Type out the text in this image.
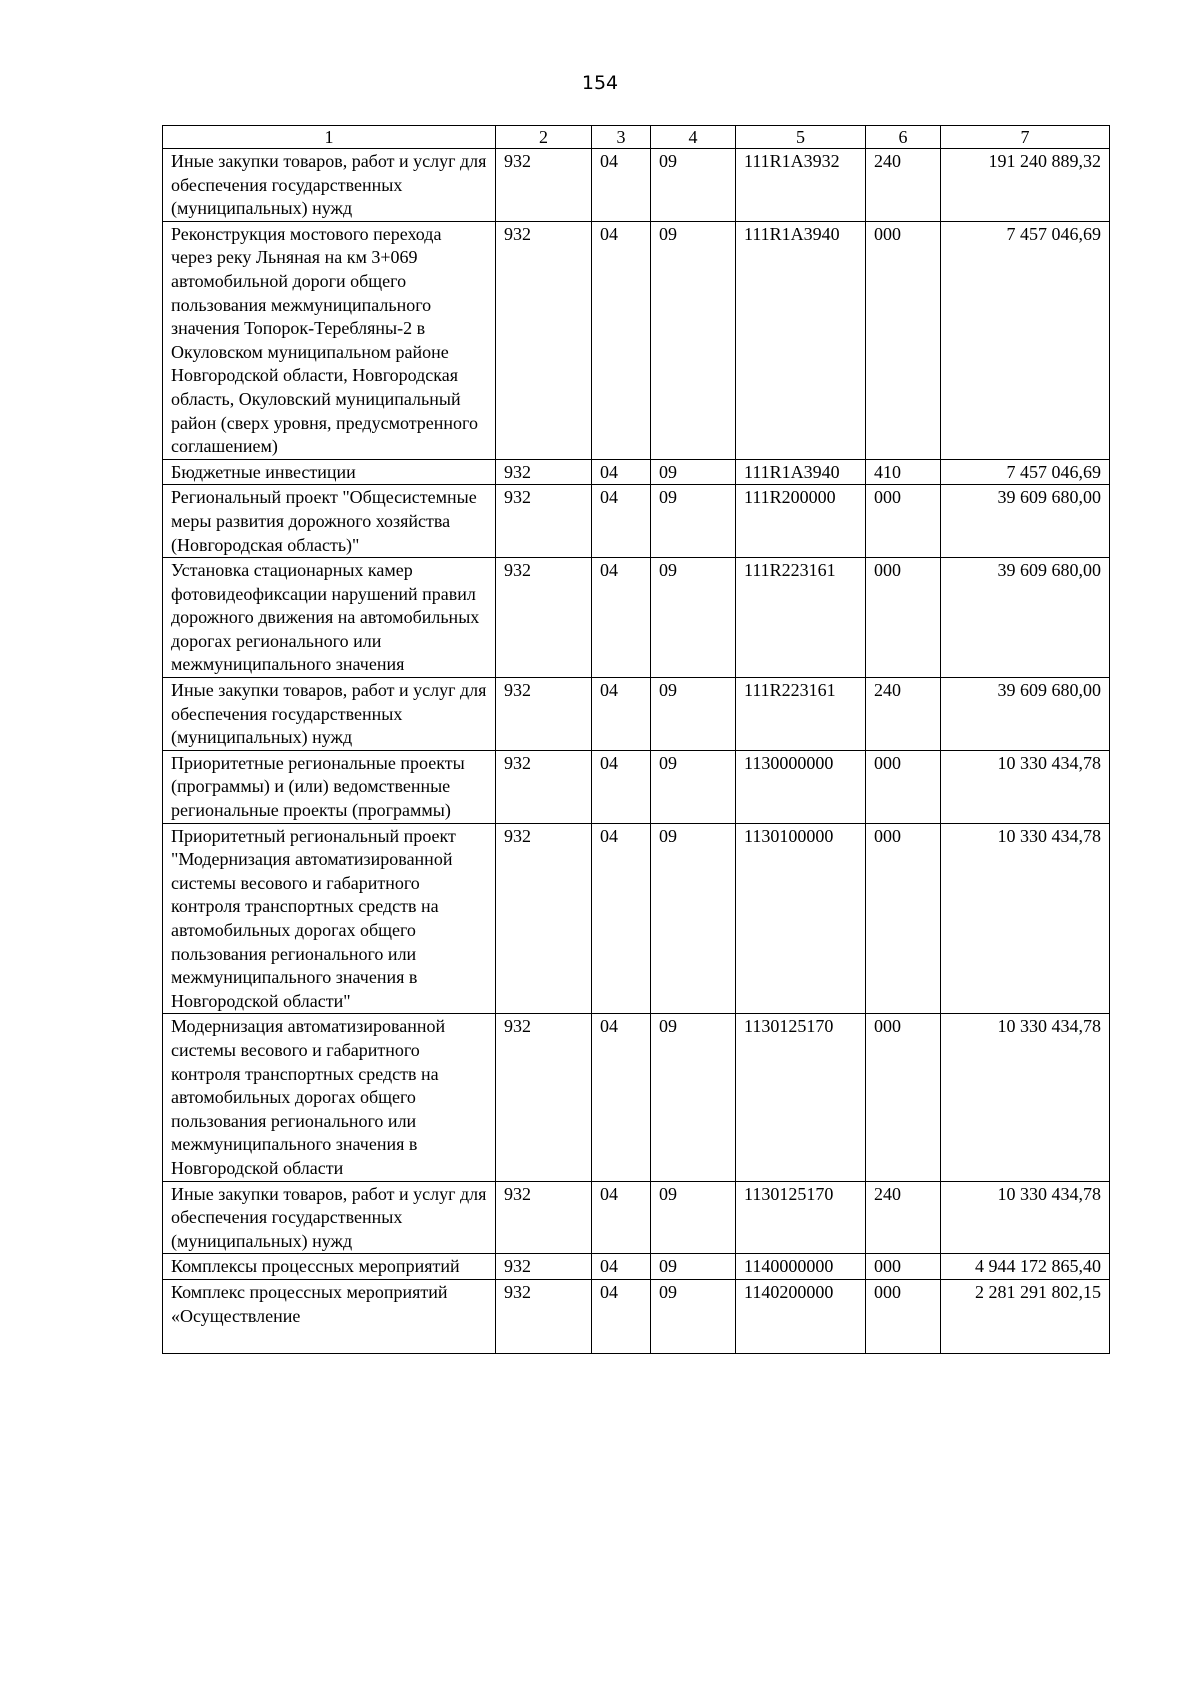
154
1	2	3	4	5	6	7
Иные закупки товаров, работ и услуг для обеспечения государственных (муниципальных) нужд	932	04	09	111R1A3932	240	191 240 889,32
Реконструкция мостового перехода через реку Льняная на км 3+069 автомобильной дороги общего пользования межмуниципального значения Топорок-Теребляны-2 в Окуловском муниципальном районе Новгородской области, Новгородская область, Окуловский муниципальный район (сверх уровня, предусмотренного соглашением)	932	04	09	111R1A3940	000	7 457 046,69
Бюджетные инвестиции	932	04	09	111R1A3940	410	7 457 046,69
Региональный проект "Общесистемные меры развития дорожного хозяйства (Новгородская область)"	932	04	09	111R200000	000	39 609 680,00
Установка стационарных камер фотовидеофиксации нарушений правил дорожного движения на автомобильных дорогах регионального или межмуниципального значения	932	04	09	111R223161	000	39 609 680,00
Иные закупки товаров, работ и услуг для обеспечения государственных (муниципальных) нужд	932	04	09	111R223161	240	39 609 680,00
Приоритетные региональные проекты (программы) и (или) ведомственные региональные проекты (программы)	932	04	09	1130000000	000	10 330 434,78
Приоритетный региональный проект "Модернизация автоматизированной системы весового и габаритного контроля транспортных средств на автомобильных дорогах общего пользования регионального или межмуниципального значения в Новгородской области"	932	04	09	1130100000	000	10 330 434,78
Модернизация автоматизированной системы весового и габаритного контроля транспортных средств на автомобильных дорогах общего пользования регионального или межмуниципального значения в Новгородской области	932	04	09	1130125170	000	10 330 434,78
Иные закупки товаров, работ и услуг для обеспечения государственных (муниципальных) нужд	932	04	09	1130125170	240	10 330 434,78
Комплексы процессных мероприятий	932	04	09	1140000000	000	4 944 172 865,40
Комплекс процессных мероприятий «Осуществление	932	04	09	1140200000	000	2 281 291 802,15
